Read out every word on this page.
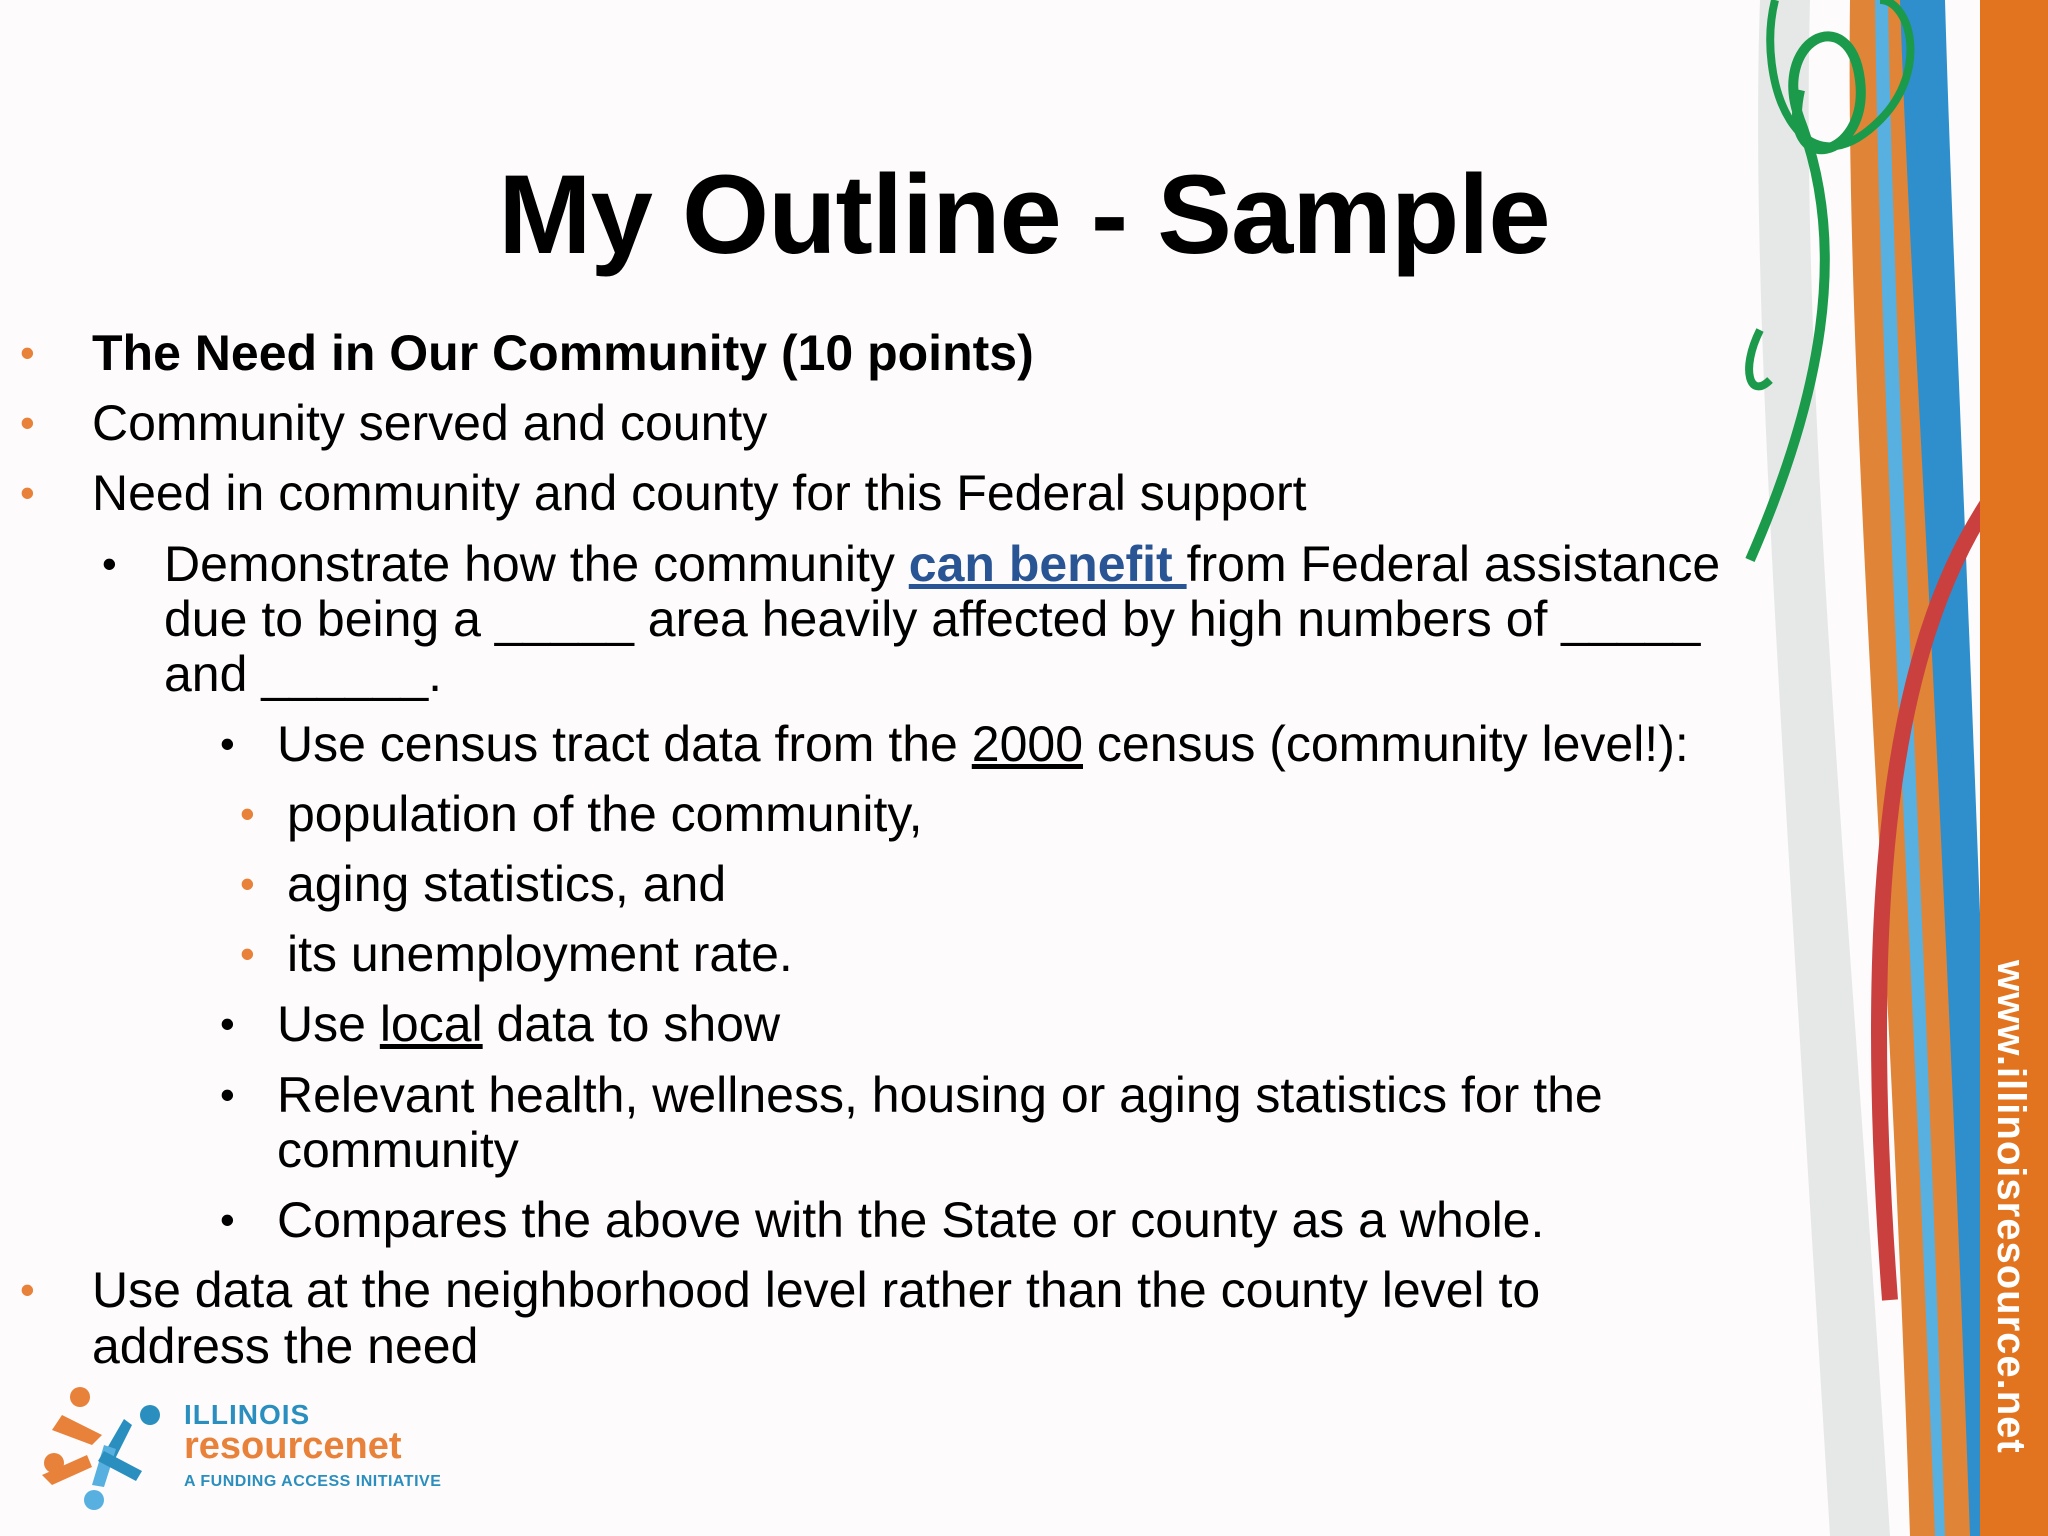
www.illinoisresource.net
My Outline - Sample
• The Need in Our Community (10 points)
• Community served and county
• Need in community and county for this Federal support
• Demonstrate how the community can benefit from Federal assistance
due to being a _____ area heavily affected by high numbers of _____
and ______.
• Use census tract data from the 2000 census (community level!):
• population of the community,
• aging statistics, and
• its unemployment rate.
• Use local data to show
• Relevant health, wellness, housing or aging statistics for the
community
• Compares the above with the State or county as a whole.
• Use data at the neighborhood level rather than the county level to
address the need
ILLINOIS
resourcenet
A FUNDING ACCESS INITIATIVE
